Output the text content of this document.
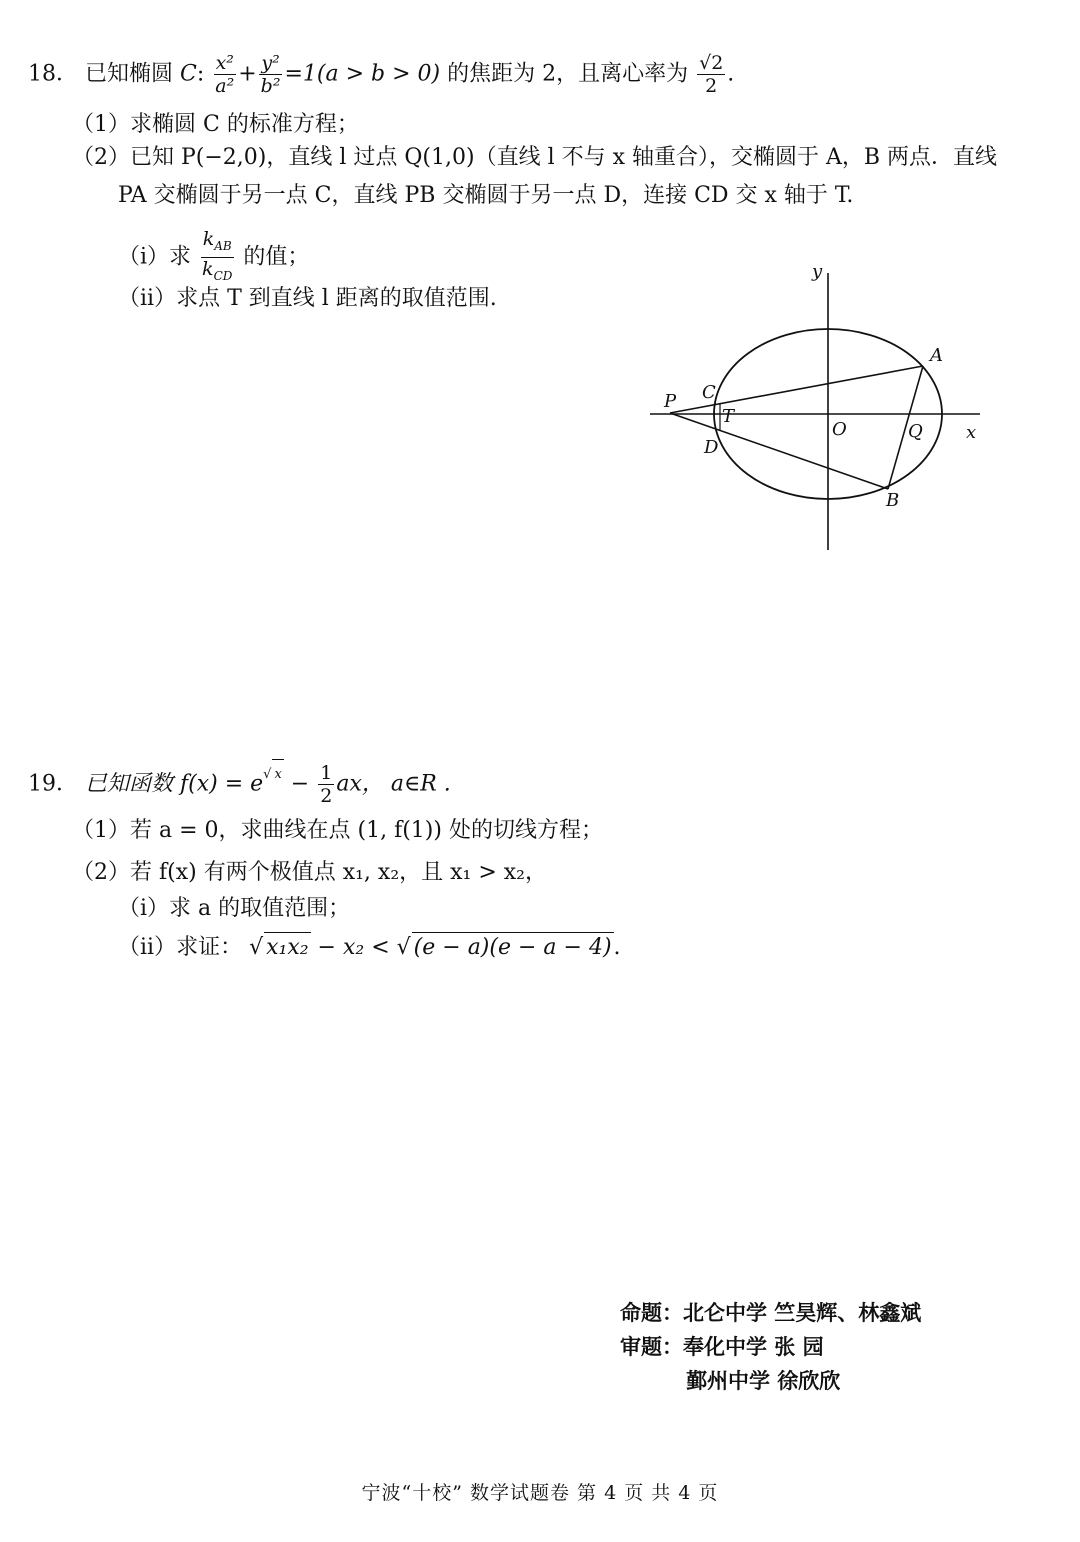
18． 已知椭圆 C: $\frac{\text{x²}}{\text{a²}} + \frac{\text{y²}}{\text{b²}} =1(a > b > 0)$ 的焦距为 2，且离心率为 $\frac{√2}{2}$ .
（1）求椭圆 C 的标准方程；
（2）已知 P(−2,0)，直线 l 过点 Q(1,0)（直线 l 不与 x 轴重合），交椭圆于 A，B 两点．直线
PA 交椭圆于另一点 C，直线 PB 交椭圆于另一点 D，连接 CD 交 x 轴于 T.
（i）求 $\frac{k_{AB}}{k_{CD}}$ 的值；
（ii）求点 T 到直线 l 距离的取值范围.
y
A
P C
T
O	Q x
D
B
19． 已知函数 $f(x) = e^{√ x} - \frac{1}{2}$ ax， a∈R .
（1）若 a = 0，求曲线在点 (1, f(1)) 处的切线方程；
（2）若 f(x) 有两个极值点 x₁, x₂，且 x₁ > x₂，
（i）求 a 的取值范围；
（ii）求证： √ x₁x₂ − x₂ < √ (e − a)(e − a − 4).
命题：北仑中学 竺昊辉、林鑫斌
审题：奉化中学 张 园
鄞州中学 徐欣欣
宁波“十校” 数学试题卷 第 4 页 共 4 页
